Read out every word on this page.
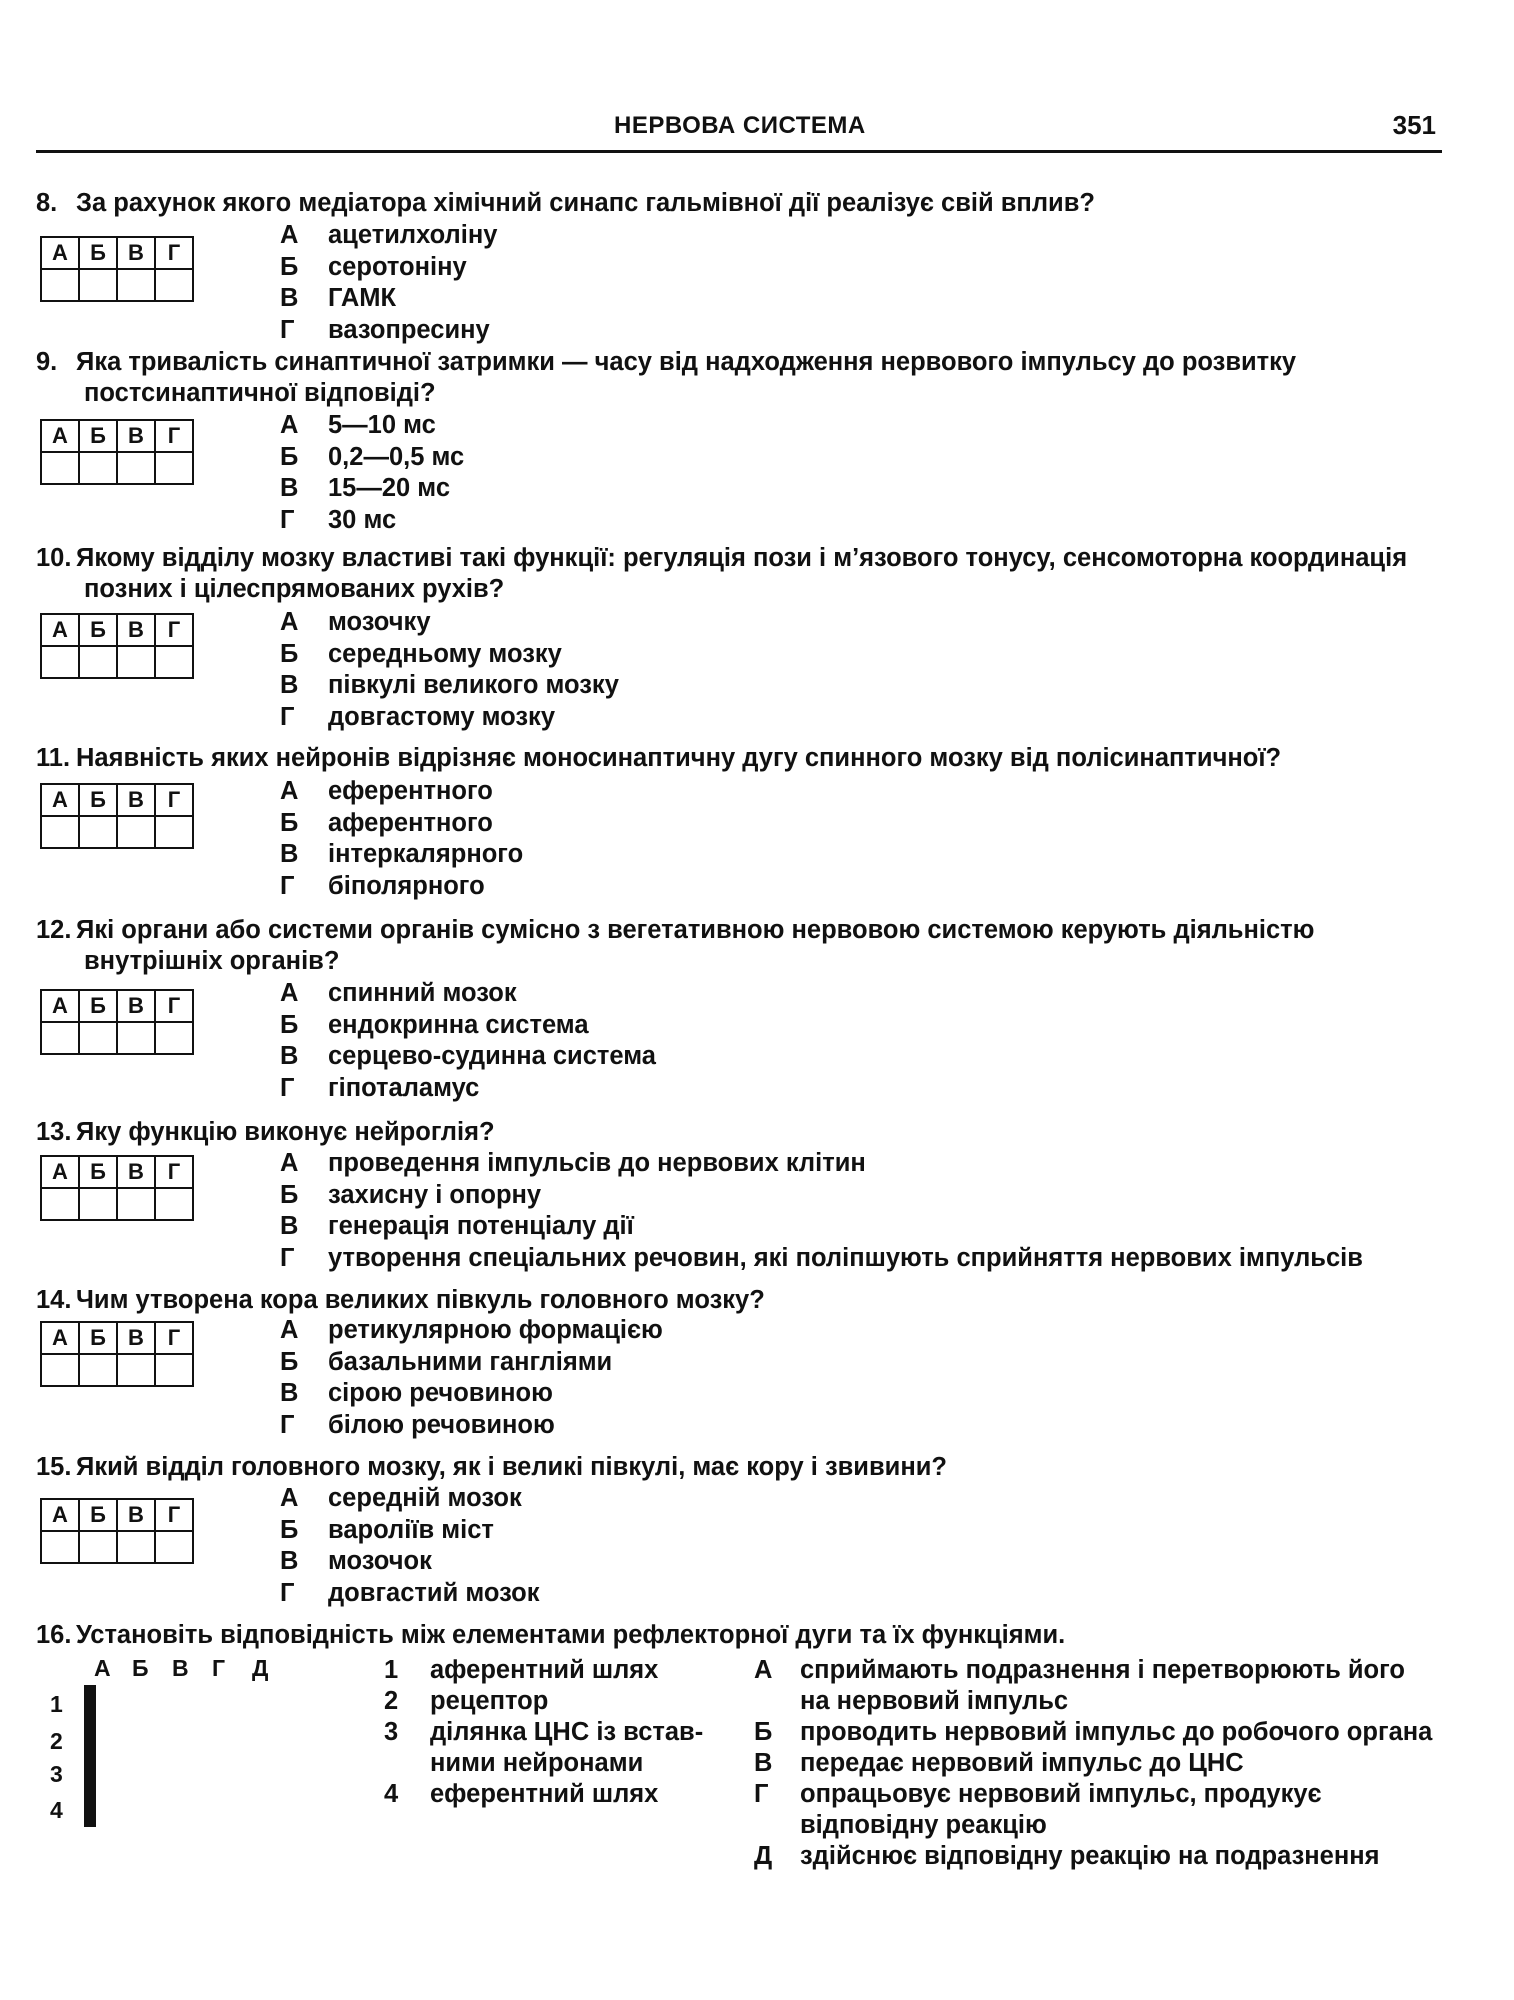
НЕРВОВА СИСТЕМА	351
8. За рахунок якого медіатора хімічний синапс гальмівної дії реалізує свій вплив?
А	Б	В	Г

А ацетилхоліну
Б серотоніну
В ГАМК
Г вазопресину
9. Яка тривалість синаптичної затримки — часу від надходження нервового імпульсу до розвитку постсинаптичної відповіді?
А	Б	В	Г
				А 5—10 мс
Б 0,2—0,5 мс
В 15—20 мс
Г 30 мс
10. Якому відділу мозку властиві такі функції: регуляція пози і м’язового тонусу, сенсомоторна координація позних і цілеспрямованих рухів?
А	Б	В	Г
				А мозочку
Б середньому мозку
В півкулі великого мозку
Г довгастому мозку
11. Наявність яких нейронів відрізняє моносинаптичну дугу спинного мозку від полісинаптичної?
А	Б	В	Г
				А еферентного
Б аферентного
В інтеркалярного
Г біполярного
12. Які органи або системи органів сумісно з вегетативною нервовою системою керують діяльністю внутрішніх органів?
А	Б	В	Г
				А спинний мозок
Б ендокринна система
В серцево-судинна система
Г гіпоталамус
13. Яку функцію виконує нейроглія?
А	Б	В	Г
				А проведення імпульсів до нервових клітин
Б захисну і опорну
В генерація потенціалу дії
Г утворення спеціальних речовин, які поліпшують сприйняття нервових імпульсів
14. Чим утворена кора великих півкуль головного мозку?
А	Б	В	Г
				А ретикулярною формацією
Б базальними гангліями
В сірою речовиною
Г білою речовиною
15. Який відділ головного мозку, як і великі півкулі, має кору і звивини?
А	Б	В	Г

А середній мозок
Б вароліїв міст
В мозочок
Г довгастий мозок
16. Установіть відповідність між елементами рефлекторної дуги та їх функціями.
А Б В Г Д
1
2
3
4

1 аферентний шлях
2 рецептор
3 ділянка ЦНС із встав-
ними нейронами
4 еферентний шлях
А сприймають подразнення і перетворюють його
на нервовий імпульс
Б проводить нервовий імпульс до робочого органа
В передає нервовий імпульс до ЦНС
Г опрацьовує нервовий імпульс, продукує
відповідну реакцію
Д здійснює відповідну реакцію на подразнення
